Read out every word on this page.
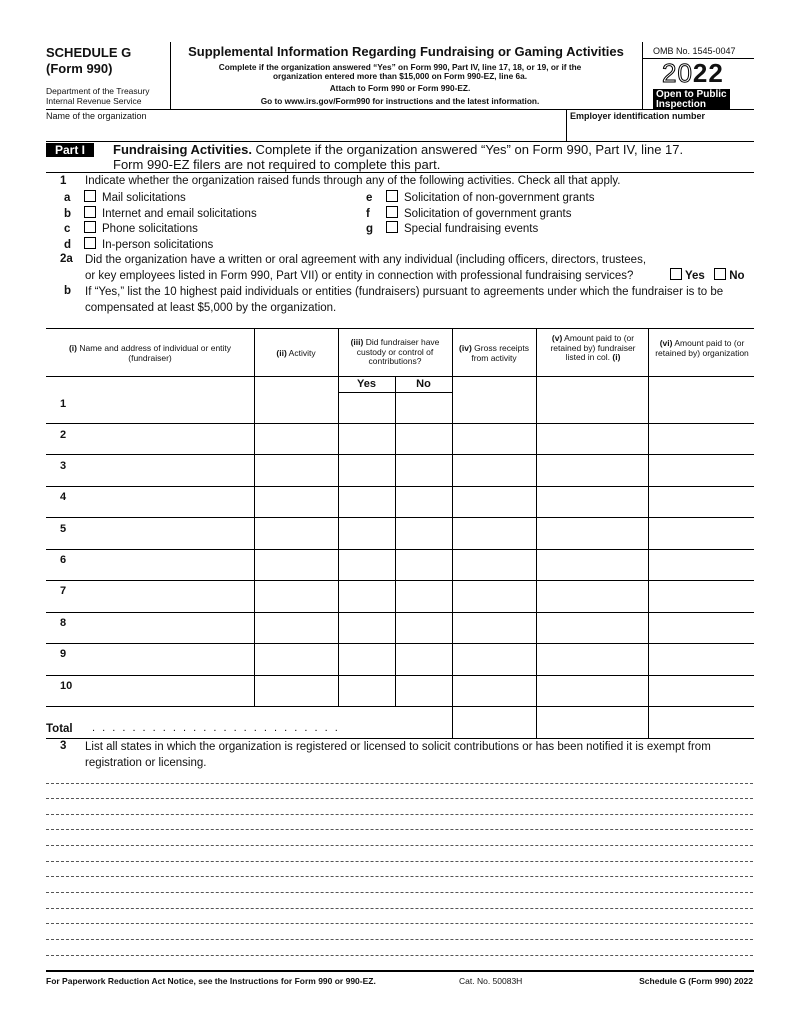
SCHEDULE G
(Form 990)
Department of the Treasury
Internal Revenue Service
Supplemental Information Regarding Fundraising or Gaming Activities
Complete if the organization answered “Yes” on Form 990, Part IV, line 17, 18, or 19, or if the
organization entered more than $15,000 on Form 990-EZ, line 6a.
Attach to Form 990 or Form 990-EZ.
Go to www.irs.gov/Form990 for instructions and the latest information.
OMB No. 1545-0047
2022
Open to Public
Inspection
Name of the organization	Employer identification number
Part I	Fundraising Activities. Complete if the organization answered “Yes” on Form 990, Part IV, line 17.
Form 990-EZ filers are not required to complete this part.
1 Indicate whether the organization raised funds through any of the following activities. Check all that apply.
a	Mail solicitations
b	Internet and email solicitations
c	Phone solicitations
d	In-person solicitations
e	Solicitation of non-government grants
f	Solicitation of government grants
g	Special fundraising events
2a Did the organization have a written or oral agreement with any individual (including officers, directors, trustees,
or key employees listed in Form 990, Part VII) or entity in connection with professional fundraising services?	Yes No
b If “Yes,” list the 10 highest paid individuals or entities (fundraisers) pursuant to agreements under which the fundraiser is to be
compensated at least $5,000 by the organization.
(i) Name and address of individual or entity (fundraiser)	(ii) Activity
(iii) Did fundraiser have custody or control of contributions?
(iv) Gross receipts from activity
(v) Amount paid to (or retained by) fundraiser listed in col. (i)
(vi) Amount paid to (or retained by) organization
Yes	No
1
2
3
4
5
6
7
8
9
10
Total . . . . . . . . . . . . . . . . . . . . . . . . .
3 List all states in which the organization is registered or licensed to solicit contributions or has been notified it is exempt from
registration or licensing.
For Paperwork Reduction Act Notice, see the Instructions for Form 990 or 990-EZ.	Cat. No. 50083H	Schedule G (Form 990) 2022
